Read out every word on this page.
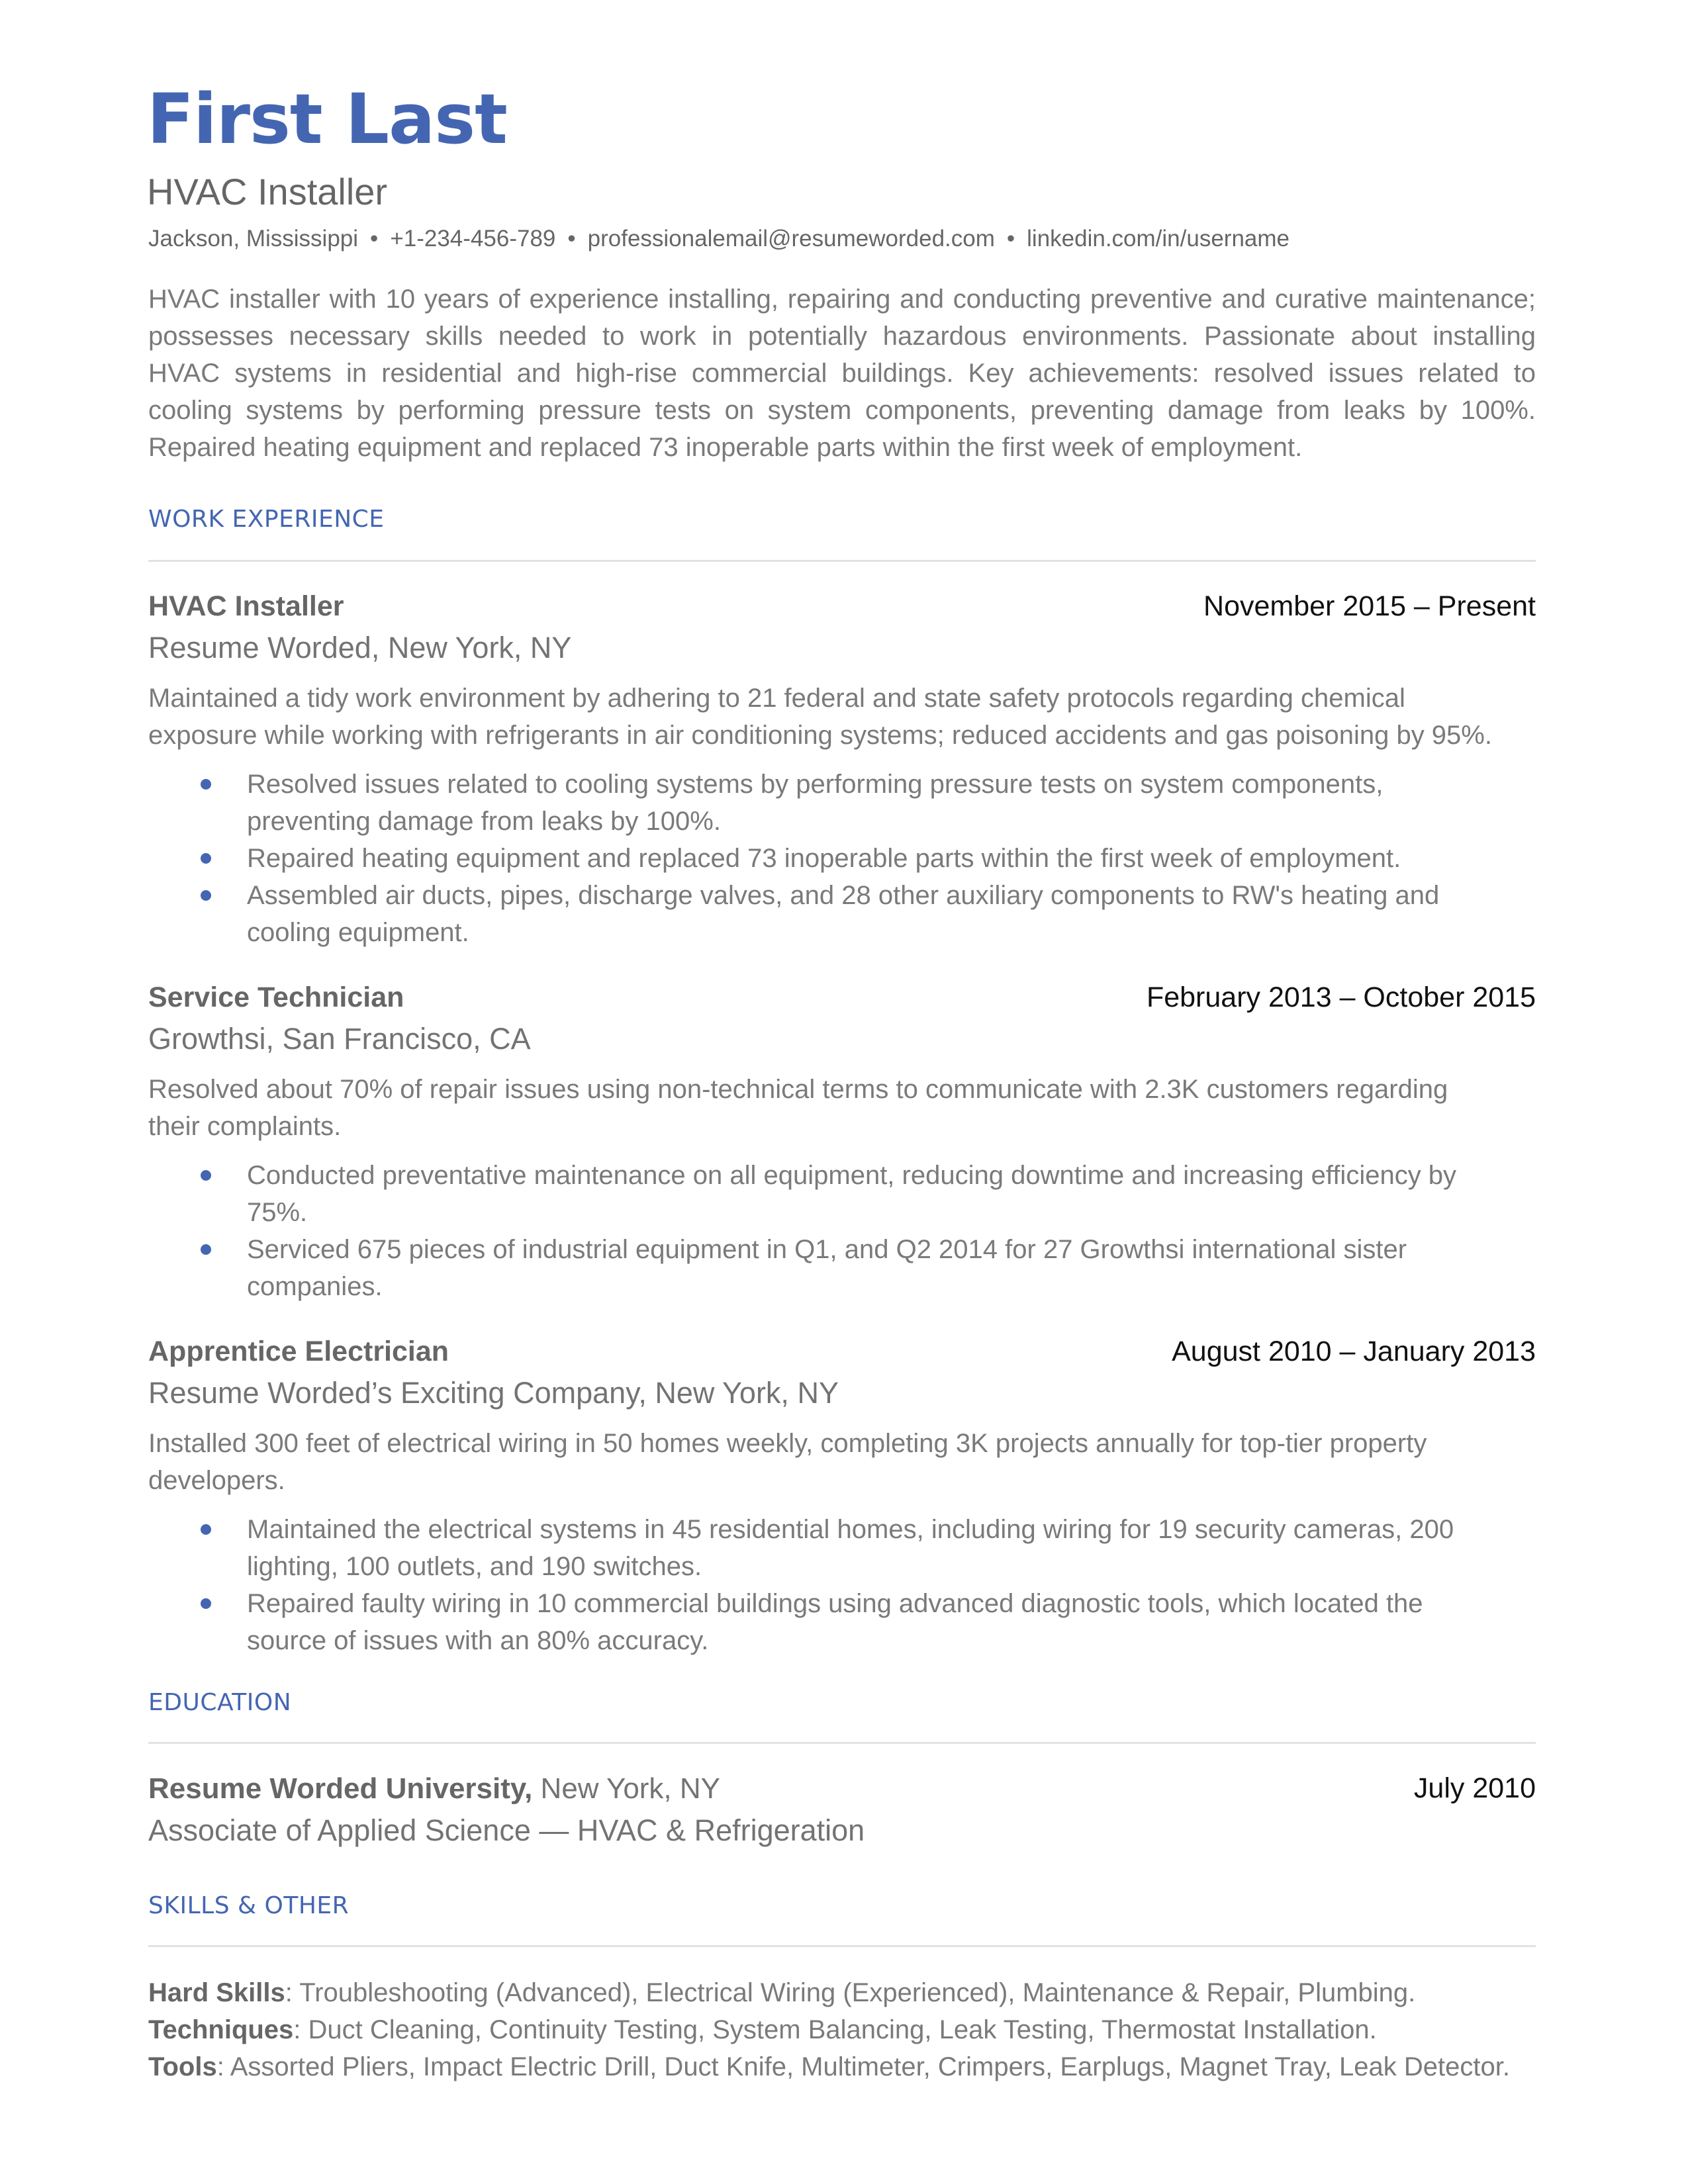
First Last
HVAC Installer
Jackson, Mississippi • +1-234-456-789 • professionalemail@resumeworded.com • linkedin.com/in/username
HVAC installer with 10 years of experience installing, repairing and conducting preventive and curative maintenance;
possesses necessary skills needed to work in potentially hazardous environments. Passionate about installing
HVAC systems in residential and high-rise commercial buildings. Key achievements: resolved issues related to
cooling systems by performing pressure tests on system components, preventing damage from leaks by 100%.
Repaired heating equipment and replaced 73 inoperable parts within the first week of employment.
WORK EXPERIENCE
HVAC Installer	November 2015 – Present
Resume Worded, New York, NY
Maintained a tidy work environment by adhering to 21 federal and state safety protocols regarding chemical exposure while working with refrigerants in air conditioning systems; reduced accidents and gas poisoning by 95%.
Resolved issues related to cooling systems by performing pressure tests on system components, preventing damage from leaks by 100%.
Repaired heating equipment and replaced 73 inoperable parts within the first week of employment.
Assembled air ducts, pipes, discharge valves, and 28 other auxiliary components to RW's heating and cooling equipment.
Service Technician	February 2013 – October 2015
Growthsi, San Francisco, CA
Resolved about 70% of repair issues using non-technical terms to communicate with 2.3K customers regarding their complaints.
Conducted preventative maintenance on all equipment, reducing downtime and increasing efficiency by 75%.
Serviced 675 pieces of industrial equipment in Q1, and Q2 2014 for 27 Growthsi international sister companies.
Apprentice Electrician	August 2010 – January 2013
Resume Worded’s Exciting Company, New York, NY
Installed 300 feet of electrical wiring in 50 homes weekly, completing 3K projects annually for top-tier property developers.
Maintained the electrical systems in 45 residential homes, including wiring for 19 security cameras, 200 lighting, 100 outlets, and 190 switches.
Repaired faulty wiring in 10 commercial buildings using advanced diagnostic tools, which located the source of issues with an 80% accuracy.
EDUCATION
Resume Worded University, New York, NY	July 2010
Associate of Applied Science — HVAC & Refrigeration
SKILLS & OTHER
Hard Skills: Troubleshooting (Advanced), Electrical Wiring (Experienced), Maintenance & Repair, Plumbing.
Techniques: Duct Cleaning, Continuity Testing, System Balancing, Leak Testing, Thermostat Installation.
Tools: Assorted Pliers, Impact Electric Drill, Duct Knife, Multimeter, Crimpers, Earplugs, Magnet Tray, Leak Detector.
